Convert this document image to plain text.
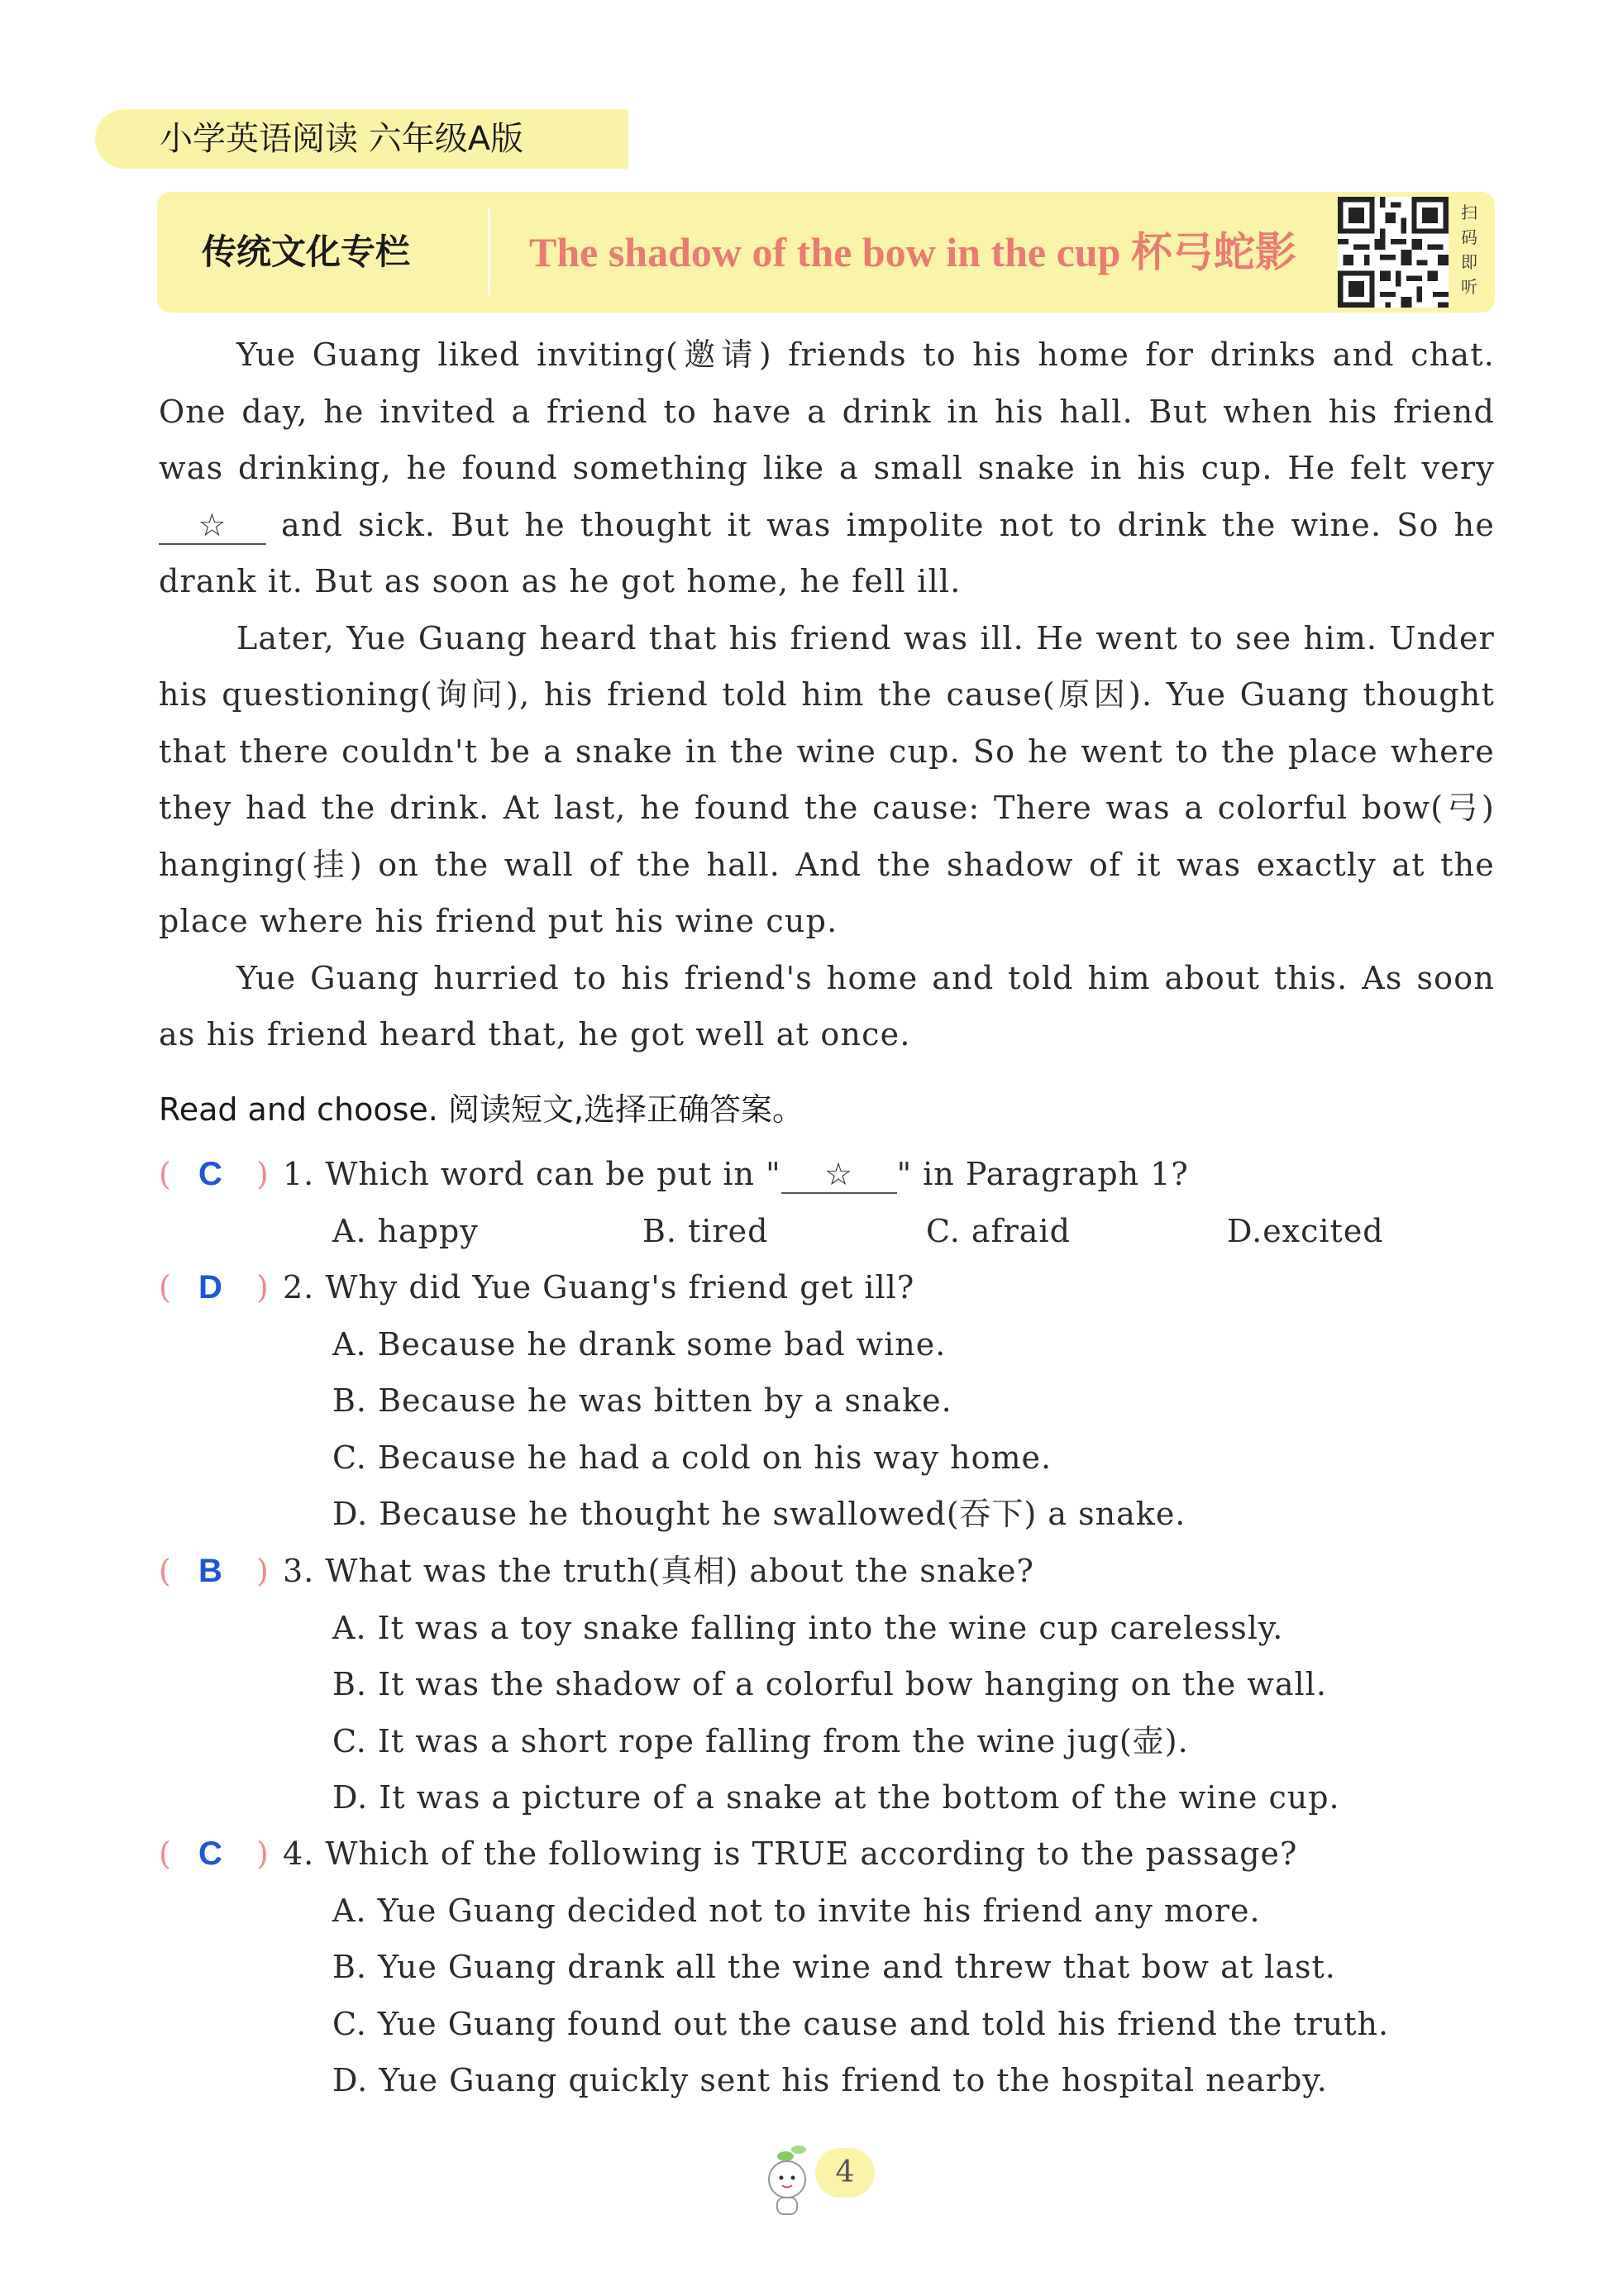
小学英语阅读 六年级A版
传统文化专栏	The shadow of the bow in the cup 杯弓蛇影
扫
码
即
听

Yue Guang liked inviting(邀请) friends to his home for drinks and chat. One day, he invited a friend to have a drink in his hall. But when his friend was drinking, he found something like a small snake in his cup. He felt very ☆ and sick. But he thought it was impolite not to drink the wine. So he drank it. But as soon as he got home, he fell ill.

Later, Yue Guang heard that his friend was ill. He went to see him. Under his questioning(询问), his friend told him the cause(原因). Yue Guang thought that there couldn't be a snake in the wine cup. So he went to the place where they had the drink. At last, he found the cause: There was a colorful bow(弓) hanging(挂) on the wall of the hall. And the shadow of it was exactly at the place where his friend put his wine cup.

Yue Guang hurried to his friend's home and told him about this. As soon as his friend heard that, he got well at once.

Read and choose. 阅读短文,选择正确答案。
( C ) 1. Which word can be put in " ☆ " in Paragraph 1?
A. happy	B. tired	C. afraid	D.excited
( D ) 2. Why did Yue Guang's friend get ill?
A. Because he drank some bad wine.
B. Because he was bitten by a snake.
C. Because he had a cold on his way home.
D. Because he thought he swallowed(吞下) a snake.
( B ) 3. What was the truth(真相) about the snake?
A. It was a toy snake falling into the wine cup carelessly.
B. It was the shadow of a colorful bow hanging on the wall.
C. It was a short rope falling from the wine jug(壶).
D. It was a picture of a snake at the bottom of the wine cup.
( C ) 4. Which of the following is TRUE according to the passage?
A. Yue Guang decided not to invite his friend any more.
B. Yue Guang drank all the wine and threw that bow at last.
C. Yue Guang found out the cause and told his friend the truth.
D. Yue Guang quickly sent his friend to the hospital nearby.
4
